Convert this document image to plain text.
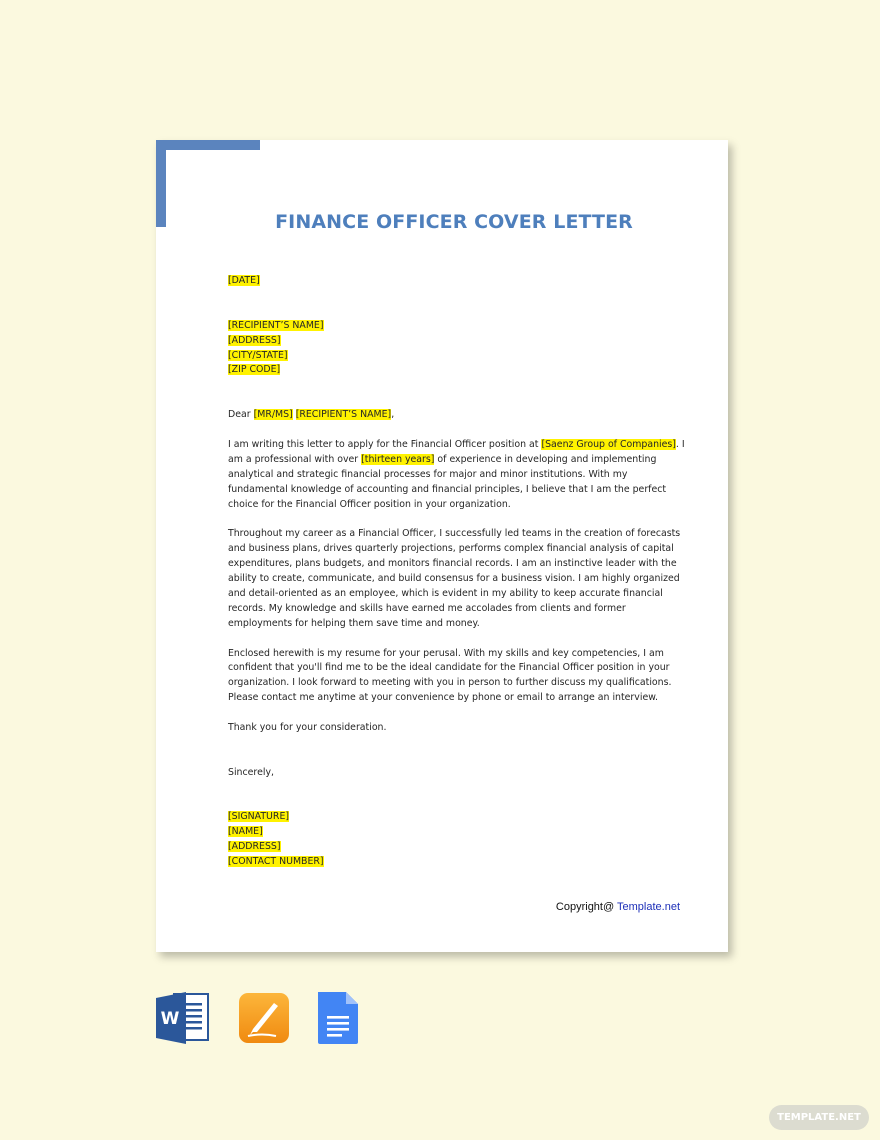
FINANCE OFFICER COVER LETTER
[DATE]
[RECIPIENT’S NAME]
[ADDRESS]
[CITY/STATE]
[ZIP CODE]
Dear [MR/MS] [RECIPIENT’S NAME],
I am writing this letter to apply for the Financial Officer position at [Saenz Group of Companies]. I am a professional with over [thirteen years] of experience in developing and implementing analytical and strategic financial processes for major and minor institutions. With my fundamental knowledge of accounting and financial principles, I believe that I am the perfect choice for the Financial Officer position in your organization.
Throughout my career as a Financial Officer, I successfully led teams in the creation of forecasts and business plans, drives quarterly projections, performs complex financial analysis of capital expenditures, plans budgets, and monitors financial records. I am an instinctive leader with the ability to create, communicate, and build consensus for a business vision. I am highly organized and detail-oriented as an employee, which is evident in my ability to keep accurate financial records. My knowledge and skills have earned me accolades from clients and former employments for helping them save time and money.
Enclosed herewith is my resume for your perusal. With my skills and key competencies, I am confident that you'll find me to be the ideal candidate for the Financial Officer position in your organization. I look forward to meeting with you in person to further discuss my qualifications. Please contact me anytime at your convenience by phone or email to arrange an interview.
Thank you for your consideration.
Sincerely,
[SIGNATURE]
[NAME]
[ADDRESS]
[CONTACT NUMBER]
Copyright@ Template.net
W
TEMPLATE.NET
